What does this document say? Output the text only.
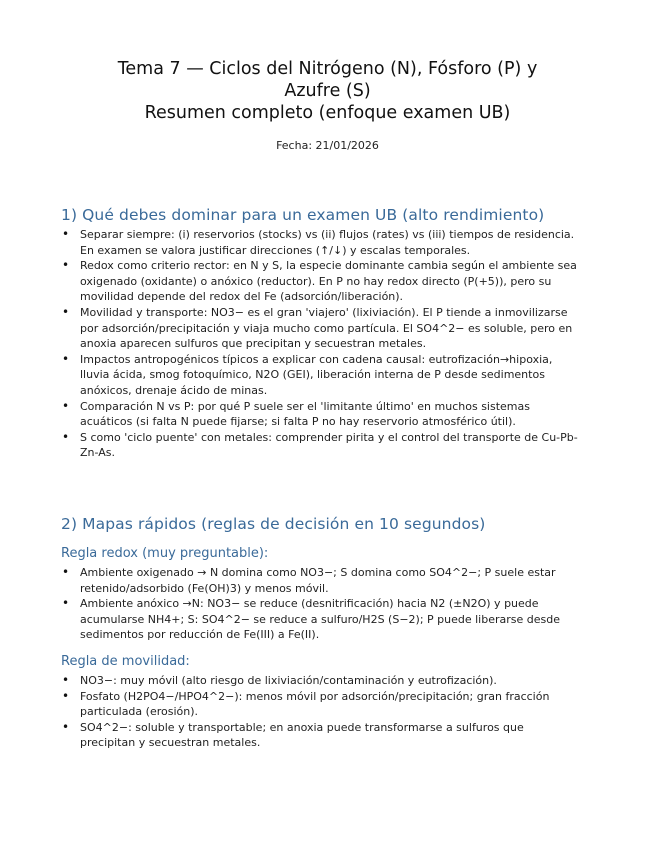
Tema 7 — Ciclos del Nitrógeno (N), Fósforo (P) y
Azufre (S)
Resumen completo (enfoque examen UB)
Fecha: 21/01/2026
1) Qué debes dominar para un examen UB (alto rendimiento)
• Separar siempre: (i) reservorios (stocks) vs (ii) flujos (rates) vs (iii) tiempos de residencia. En examen se valora justificar direcciones (↑/↓) y escalas temporales.
• Redox como criterio rector: en N y S, la especie dominante cambia según el ambiente sea oxigenado (oxidante) o anóxico (reductor). En P no hay redox directo (P(+5)), pero su movilidad depende del redox del Fe (adsorción/liberación).
• Movilidad y transporte: NO3− es el gran 'viajero' (lixiviación). El P tiende a inmovilizarse por adsorción/precipitación y viaja mucho como partícula. El SO4^2− es soluble, pero en anoxia aparecen sulfuros que precipitan y secuestran metales.
• Impactos antropogénicos típicos a explicar con cadena causal: eutrofización→hipoxia, lluvia ácida, smog fotoquímico, N2O (GEI), liberación interna de P desde sedimentos anóxicos, drenaje ácido de minas.
• Comparación N vs P: por qué P suele ser el 'limitante último' en muchos sistemas acuáticos (si falta N puede fijarse; si falta P no hay reservorio atmosférico útil).
• S como 'ciclo puente' con metales: comprender pirita y el control del transporte de Cu-Pb-Zn-As.
2) Mapas rápidos (reglas de decisión en 10 segundos)
Regla redox (muy preguntable):
• Ambiente oxigenado → N domina como NO3−; S domina como SO4^2−; P suele estar retenido/adsorbido (Fe(OH)3) y menos móvil.
• Ambiente anóxico →N: NO3− se reduce (desnitrificación) hacia N2 (±N2O) y puede acumularse NH4+; S: SO4^2− se reduce a sulfuro/H2S (S−2); P puede liberarse desde sedimentos por reducción de Fe(III) a Fe(II).
Regla de movilidad:
• NO3−: muy móvil (alto riesgo de lixiviación/contaminación y eutrofización).
• Fosfato (H2PO4−/HPO4^2−): menos móvil por adsorción/precipitación; gran fracción particulada (erosión).
• SO4^2−: soluble y transportable; en anoxia puede transformarse a sulfuros que precipitan y secuestran metales.
